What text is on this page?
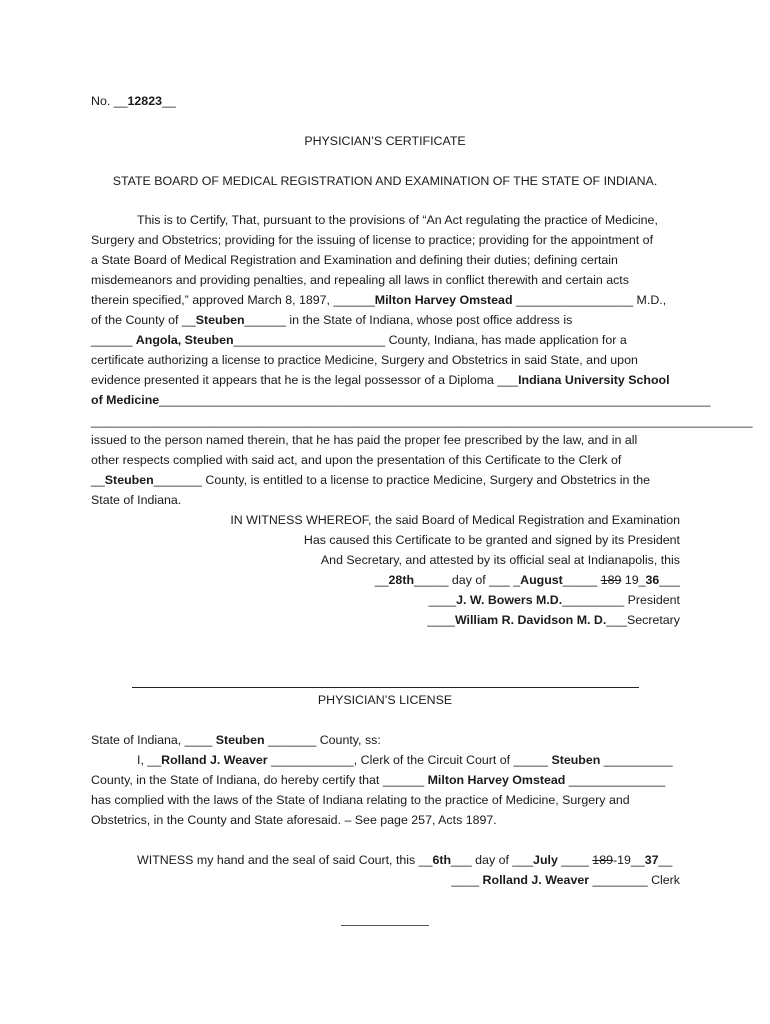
No. __12823__
PHYSICIAN’S CERTIFICATE
STATE BOARD OF MEDICAL REGISTRATION AND EXAMINATION OF THE STATE OF INDIANA.
This is to Certify, That, pursuant to the provisions of “An Act regulating the practice of Medicine,
Surgery and Obstetrics; providing for the issuing of license to practice; providing for the appointment of
a State Board of Medical Registration and Examination and defining their duties; defining certain
misdemeanors and providing penalties, and repealing all laws in conflict therewith and certain acts
therein specified,” approved March 8, 1897, ______Milton Harvey Omstead _________________ M.D.,
of the County of __Steuben______ in the State of Indiana, whose post office address is
______ Angola, Steuben______________________ County, Indiana, has made application for a
certificate authorizing a license to practice Medicine, Surgery and Obstetrics in said State, and upon
evidence presented it appears that he is the legal possessor of a Diploma ___Indiana University School
of Medicine________________________________________________________________________________
________________________________________________________________________________________________
issued to the person named therein, that he has paid the proper fee prescribed by the law, and in all
other respects complied with said act, and upon the presentation of this Certificate to the Clerk of
__Steuben_______ County, is entitled to a license to practice Medicine, Surgery and Obstetrics in the
State of Indiana.
IN WITNESS WHEREOF, the said Board of Medical Registration and Examination
Has caused this Certificate to be granted and signed by its President
And Secretary, and attested by its official seal at Indianapolis, this
__28th_____ day of ___ _August_____ 189 19_36___
____J. W. Bowers M.D._________ President
____William R. Davidson M. D.___Secretary
PHYSICIAN’S LICENSE
State of Indiana, ____ Steuben _______ County, ss:
I, __Rolland J. Weaver ____________, Clerk of the Circuit Court of _____ Steuben __________
County, in the State of Indiana, do hereby certify that ______ Milton Harvey Omstead ______________
has complied with the laws of the State of Indiana relating to the practice of Medicine, Surgery and
Obstetrics, in the County and State aforesaid. – See page 257, Acts 1897.
WITNESS my hand and the seal of said Court, this __6th___ day of ___July ____ 189-19__37__
____ Rolland J. Weaver ________ Clerk
